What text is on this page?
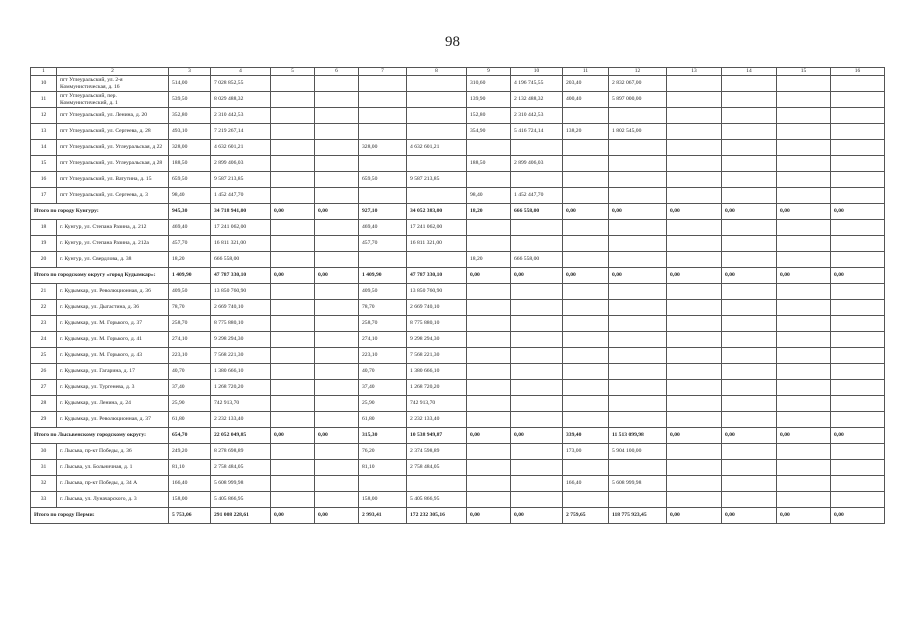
98
1	2	3	4	5	6	7	8	9	10	11	12	13	14	15	16
10	пгт Углеуральский, ул. 2-я Коммунистическая, д. 16	514,00	7 028 852,55					310,60	4 196 745,55	203,40	2 832 067,00				
11	пгт Углеуральский, пер. Коммунистический, д. 1	539,50	8 029 488,32					139,90	2 132 488,32	400,40	5 897 000,00				
12	пгт Углеуральский, ул. Ленина, д. 20	352,80	2 310 442,53					152,80	2 310 442,53						
13	пгт Углеуральский, ул. Сергеева, д. 28	493,10	7 219 267,14					354,90	5 416 724,14	138,20	1 802 545,00				
14	пгт Углеуральский, ул. Углеуральская, д 22	328,00	4 632 601,21			328,00	4 632 601,21								
15	пгт Углеуральский, ул. Углеуральская, д 28	188,50	2 899 406,03					188,50	2 899 406,03						
16	пгт Углеуральский, ул. Ватутина, д. 15	659,50	9 587 213,85			659,50	9 587 213,85								
17	пгт Углеуральский, ул. Сергеева, д. 3	98,40	1 452 447,70					98,40	1 452 447,70						
Итого по городу Кунгуру:		945,30	34 718 941,00	0,00	0,00	927,10	34 052 383,00	18,20	666 558,00	0,00	0,00	0,00	0,00	0,00	0,00
18	г. Кунгур, ул. Степана Разина, д. 212	469,40	17 241 062,00			469,40	17 241 062,00								
19	г. Кунгур, ул. Степана Разина, д. 212а	457,70	16 811 321,00			457,70	16 811 321,00								
20	г. Кунгур, ул. Свердлова, д. 38	18,20	666 558,00					18,20	666 558,00						
Итого по городскому округу «город Кудымкар»:		1 409,90	47 787 330,10	0,00	0,00	1 409,90	47 787 330,10	0,00	0,00	0,00	0,00	0,00	0,00	0,00	0,00
21	г. Кудымкар, ул. Революционная, д. 36	409,50	13 850 760,90			409,50	13 850 760,90								
22	г. Кудымкар, ул. Дыгастина, д. 36	78,70	2 669 740,10			78,70	2 669 740,10								
23	г. Кудымкар, ул. М. Горького, д. 37	258,70	8 775 880,10			258,70	8 775 880,10								
24	г. Кудымкар, ул. М. Горького, д. 41	274,10	9 298 294,30			274,10	9 298 294,30								
25	г. Кудымкар, ул. М. Горького, д. 43	223,10	7 568 221,30			223,10	7 568 221,30								
26	г. Кудымкар, ул. Гагарина, д. 17	40,70	1 380 666,10			40,70	1 380 666,10								
27	г. Кудымкар, ул. Тургенева, д. 3	37,40	1 268 720,20			37,40	1 268 720,20								
28	г. Кудымкар, ул. Ленина, д. 24	25,90	742 913,70			25,90	742 913,70								
29	г. Кудымкар, ул. Революционная, д. 37	61,80	2 232 133,40			61,80	2 232 133,40								
Итого по Лысьвенскому городскому округу:		654,70	22 052 049,85	0,00	0,00	315,30	10 538 949,87	0,00	0,00	339,40	11 513 099,98	0,00	0,00	0,00	0,00
30	г. Лысьва, пр-кт Победы, д. 36	249,20	8 278 698,89			76,20	2 374 598,89			173,00	5 904 100,00				
31	г. Лысьва, ул. Больничная, д. 1	81,10	2 758 484,05			81,10	2 758 484,05								
32	г. Лысьва, пр-кт Победы, д. 34 А	166,40	5 608 999,98							166,40	5 608 999,98				
33	г. Лысьва, ул. Луначарского, д. 3	158,00	5 405 866,95			158,00	5 405 866,95								
Итого по городу Перми:		5 753,06	291 008 228,61	0,00	0,00	2 993,41	172 232 305,16	0,00	0,00	2 759,65	118 775 923,45	0,00	0,00	0,00	0,00
